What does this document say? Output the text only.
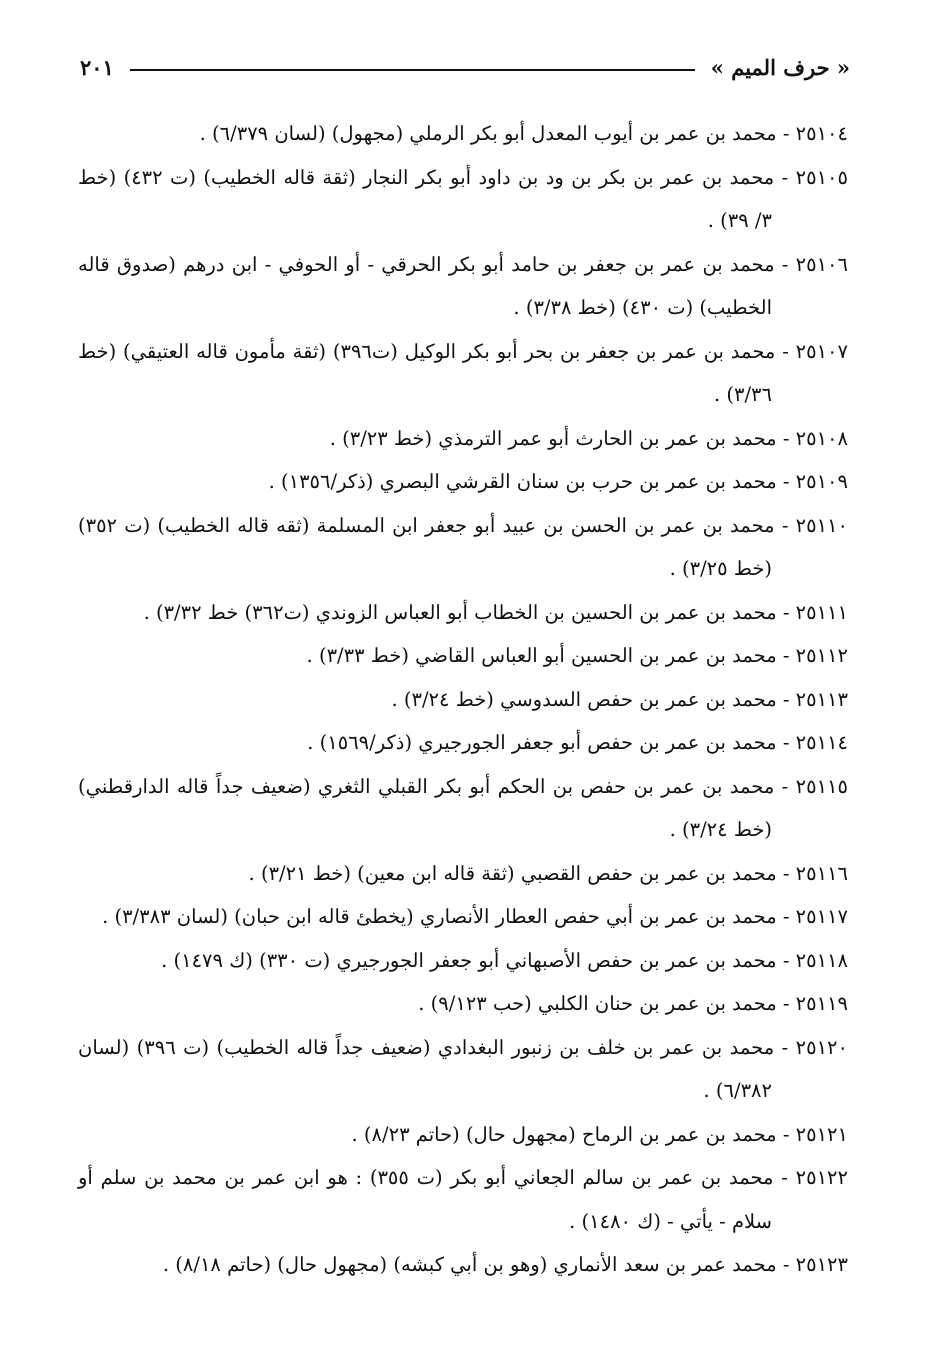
« حرف الميم »
٢٠١
٢٥١٠٤ - محمد بن عمر بن أيوب المعدل أبو بكر الرملي (مجهول) (لسان ٦/٣٧٩) .
٢٥١٠٥ - محمد بن عمر بن بكر بن ود بن داود أبو بكر النجار (ثقة قاله الخطيب) (ت ٤٣٢) (خط ٣/ ٣٩) .
٢٥١٠٦ - محمد بن عمر بن جعفر بن حامد أبو بكر الحرقي - أو الحوفي - ابن درهم (صدوق قاله الخطيب) (ت ٤٣٠) (خط ٣/٣٨) .
٢٥١٠٧ - محمد بن عمر بن جعفر بن بحر أبو بكر الوكيل (ت٣٩٦) (ثقة مأمون قاله العتيقي) (خط ٣/٣٦) .
٢٥١٠٨ - محمد بن عمر بن الحارث أبو عمر الترمذي (خط ٣/٢٣) .
٢٥١٠٩ - محمد بن عمر بن حرب بن سنان القرشي البصري (ذكر/١٣٥٦) .
٢٥١١٠ - محمد بن عمر بن الحسن بن عبيد أبو جعفر ابن المسلمة (ثقه قاله الخطيب) (ت ٣٥٢) (خط ٣/٢٥) .
٢٥١١١ - محمد بن عمر بن الحسين بن الخطاب أبو العباس الزوندي (ت٣٦٢) خط ٣/٣٢) .
٢٥١١٢ - محمد بن عمر بن الحسين أبو العباس القاضي (خط ٣/٣٣) .
٢٥١١٣ - محمد بن عمر بن حفص السدوسي (خط ٣/٢٤) .
٢٥١١٤ - محمد بن عمر بن حفص أبو جعفر الجورجيري (ذكر/١٥٦٩) .
٢٥١١٥ - محمد بن عمر بن حفص بن الحكم أبو بكر القبلي الثغري (ضعيف جداً قاله الدارقطني) (خط ٣/٢٤) .
٢٥١١٦ - محمد بن عمر بن حفص القصبي (ثقة قاله ابن معين) (خط ٣/٢١) .
٢٥١١٧ - محمد بن عمر بن أبي حفص العطار الأنصاري (يخطئ قاله ابن حبان) (لسان ٣/٣٨٣) .
٢٥١١٨ - محمد بن عمر بن حفص الأصبهاني أبو جعفر الجورجيري (ت ٣٣٠) (ك ١٤٧٩) .
٢٥١١٩ - محمد بن عمر بن حنان الكلبي (حب ٩/١٢٣) .
٢٥١٢٠ - محمد بن عمر بن خلف بن زنبور البغدادي (ضعيف جداً قاله الخطيب) (ت ٣٩٦) (لسان ٦/٣٨٢) .
٢٥١٢١ - محمد بن عمر بن الرماح (مجهول حال) (حاتم ٨/٢٣) .
٢٥١٢٢ - محمد بن عمر بن سالم الجعاني أبو بكر (ت ٣٥٥) : هو ابن عمر بن محمد بن سلم أو سلام - يأتي - (ك ١٤٨٠) .
٢٥١٢٣ - محمد عمر بن سعد الأنماري (وهو بن أبي كبشه) (مجهول حال) (حاتم ٨/١٨) .
